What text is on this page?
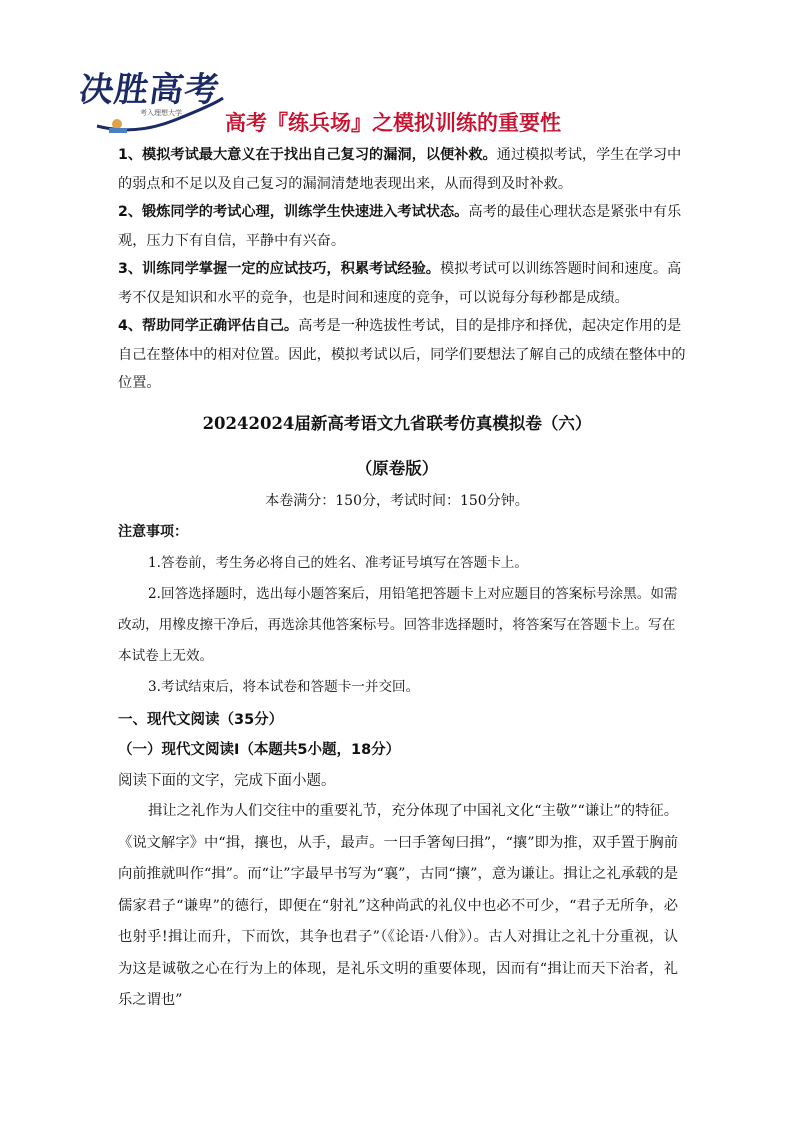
决胜高考
考入理想大学 高考『练兵场』之模拟训练的重要性

1、模拟考试最大意义在于找出自己复习的漏洞，以便补救。通过模拟考试，学生在学习中的弱点和不足以及自己复习的漏洞清楚地表现出来，从而得到及时补救。

2、锻炼同学的考试心理，训练学生快速进入考试状态。高考的最佳心理状态是紧张中有乐观，压力下有自信，平静中有兴奋。

3、训练同学掌握一定的应试技巧，积累考试经验。模拟考试可以训练答题时间和速度。高考不仅是知识和水平的竞争，也是时间和速度的竞争，可以说每分每秒都是成绩。

4、帮助同学正确评估自己。高考是一种选拔性考试，目的是排序和择优，起决定作用的是自己在整体中的相对位置。因此，模拟考试以后，同学们要想法了解自己的成绩在整体中的位置。

20242024届新高考语文九省联考仿真模拟卷（六）
（原卷版）
本卷满分：150分，考试时间：150分钟。
注意事项：

1.答卷前，考生务必将自己的姓名、准考证号填写在答题卡上。

2.回答选择题时，选出每小题答案后，用铅笔把答题卡上对应题目的答案标号涂黑。如需改动，用橡皮擦干净后，再选涂其他答案标号。回答非选择题时，将答案写在答题卡上。写在本试卷上无效。

3.考试结束后，将本试卷和答题卡一并交回。

一、现代文阅读（35分）
（一）现代文阅读Ⅰ（本题共5小题，18分）
阅读下面的文字，完成下面小题。

揖让之礼作为人们交往中的重要礼节，充分体现了中国礼文化“主敬”“谦让”的特征。《说文解字》中“揖，攘也，从手，最声。一曰手箸匈曰揖”，“攘”即为推，双手置于胸前向前推就叫作“揖”。而“让”字最早书写为“襄”，古同“攘”，意为谦让。揖让之礼承载的是儒家君子“谦卑”的德行，即便在“射礼”这种尚武的礼仪中也必不可少，“君子无所争，必也射乎!揖让而升，下而饮，其争也君子”（《论语·八佾》）。古人对揖让之礼十分重视，认为这是诚敬之心在行为上的体现，是礼乐文明的重要体现，因而有“揖让而天下治者，礼乐之谓也”
